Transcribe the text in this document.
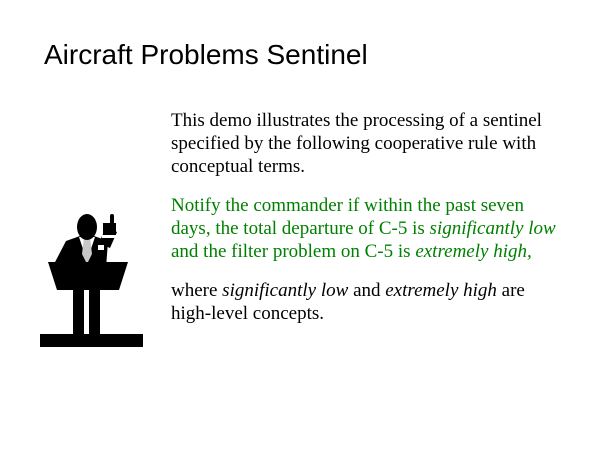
Aircraft Problems Sentinel

This demo illustrates the processing of a sentinel specified by the following cooperative rule with conceptual terms.

Notify the commander if within the past seven days, the total departure of C-5 is significantly low and the filter problem on C-5 is extremely high,

where significantly low and extremely high are high-level concepts.
